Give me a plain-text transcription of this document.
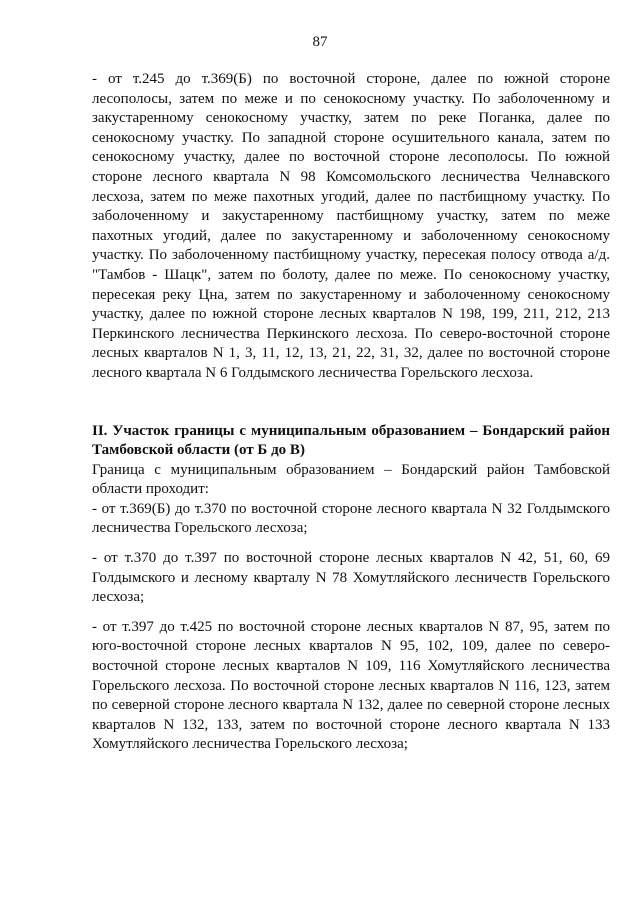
87

- от т.245 до т.369(Б) по восточной стороне, далее по южной стороне лесополосы, затем по меже и по сенокосному участку. По заболоченному и закустаренному сенокосному участку, затем по реке Поганка, далее по сенокосному участку. По западной стороне осушительного канала, затем по сенокосному участку, далее по восточной стороне лесополосы. По южной стороне лесного квартала N 98 Комсомольского лесничества Челнавского лесхоза, затем по меже пахотных угодий, далее по пастбищному участку. По заболоченному и закустаренному пастбищному участку, затем по меже пахотных угодий, далее по закустаренному и заболоченному сенокосному участку. По заболоченному пастбищному участку, пересекая полосу отвода а/д. "Тамбов - Шацк", затем по болоту, далее по меже. По сенокосному участку, пересекая реку Цна, затем по закустаренному и заболоченному сенокосному участку, далее по южной стороне лесных кварталов N 198, 199, 211, 212, 213 Перкинского лесничества Перкинского лесхоза. По северо-восточной стороне лесных кварталов N 1, 3, 11, 12, 13, 21, 22, 31, 32, далее по восточной стороне лесного квартала N 6 Голдымского лесничества Горельского лесхоза.

II. Участок границы с муниципальным образованием – Бондарский район Тамбовской области (от Б до В)

Граница с муниципальным образованием – Бондарский район Тамбовской области проходит:

- от т.369(Б) до т.370 по восточной стороне лесного квартала N 32 Голдымского лесничества Горельского лесхоза;

- от т.370 до т.397 по восточной стороне лесных кварталов N 42, 51, 60, 69 Голдымского и лесному кварталу N 78 Хомутляйского лесничеств Горельского лесхоза;

- от т.397 до т.425 по восточной стороне лесных кварталов N 87, 95, затем по юго-восточной стороне лесных кварталов N 95, 102, 109, далее по северо-восточной стороне лесных кварталов N 109, 116 Хомутляйского лесничества Горельского лесхоза. По восточной стороне лесных кварталов N 116, 123, затем по северной стороне лесного квартала N 132, далее по северной стороне лесных кварталов N 132, 133, затем по восточной стороне лесного квартала N 133 Хомутляйского лесничества Горельского лесхоза;
